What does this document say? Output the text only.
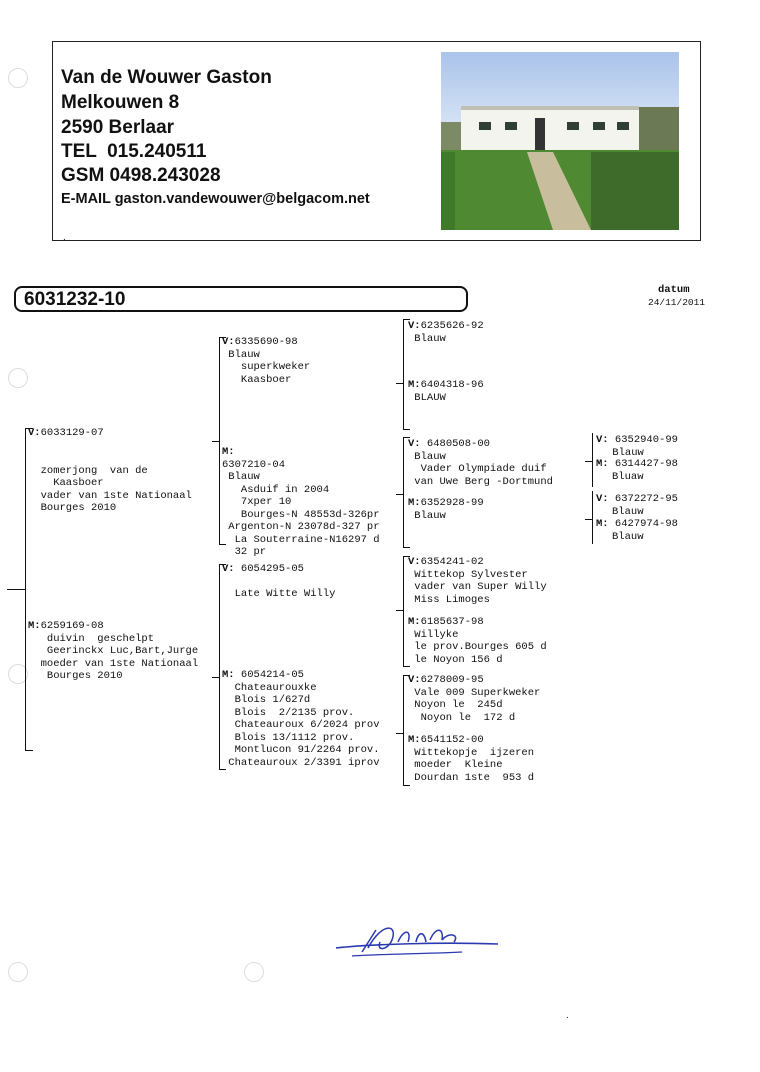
Van de Wouwer Gaston
Melkouwen 8
2590 Berlaar
TEL  015.240511
GSM 0498.243028
E-MAIL gaston.vandewouwer@belgacom.net
.
6031232-10	datum
24/11/2011
V:6033129-07

zomerjong  van de
Kaasboer
vader van 1ste Nationaal
Bourges 2010
M:6259169-08
duivin  geschelpt
Geerinckx Luc,Bart,Jurge
moeder van 1ste Nationaal
Bourges 2010
V:6335690-98
Blauw
superkweker
Kaasboer
M:
6307210-04
Blauw
Asduif in 2004
7xper 10
Bourges-N 48553d-326pr
Argenton-N 23078d-327 pr
La Souterraine-N16297 d
32 pr
V: 6054295-05

Late Witte Willy
M: 6054214-05
Chateaurouxke
Blois 1/627d
Blois  2/2135 prov.
Chateauroux 6/2024 prov
Blois 13/1112 prov.
Montlucon 91/2264 prov.
Chateauroux 2/3391 iprov
V:6235626-92
Blauw
M:6404318-96
BLAUW
V: 6480508-00
Blauw
Vader Olympiade duif
van Uwe Berg -Dortmund
M:6352928-99
Blauw
V:6354241-02
Wittekop Sylvester
vader van Super Willy
Miss Limoges
M:6185637-98
Willyke
le prov.Bourges 605 d
le Noyon 156 d
V:6278009-95
Vale 009 Superkweker
Noyon le  245d
Noyon le  172 d
M:6541152-00
Wittekopje  ijzeren
moeder  Kleine
Dourdan 1ste  953 d
V: 6352940-99
Blauw
M: 6314427-98
Bluaw
V: 6372272-95
Blauw
M: 6427974-98
Blauw
.
